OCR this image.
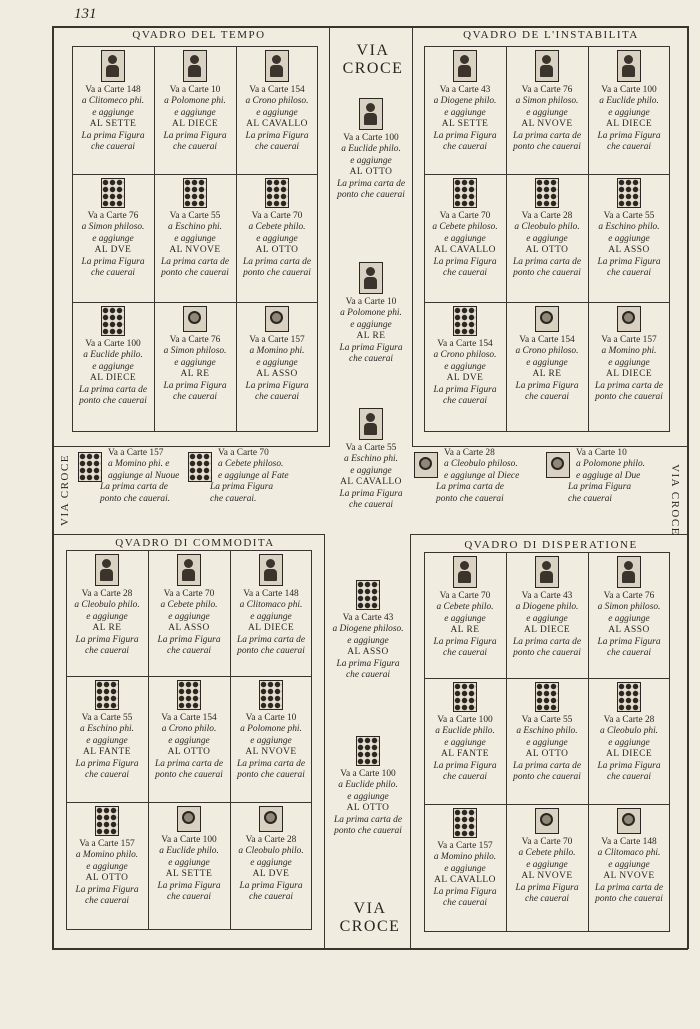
131
QVADRO DEL TEMPO	QVADRO DE L'INSTABILITA
QVADRO DI COMMODITA	QVADRO DI DISPERATIONE
VIA CROCE
VIA CROCE
VIA CROCE	VIA CROCE
Va a Carte 148
a Clitomeco phi.
e aggiunge
AL SETTE
La prima Figura
che cauerai
Va a Carte 10
a Polomone phi.
e aggiunge
AL DIECE
La prima Figura
che cauerai
Va a Carte 154
a Crono philoso.
e aggiunge
AL CAVALLO
La prima Figura
che cauerai
Va a Carte 76
a Simon philoso.
e aggiunge
AL DVE
La prima Figura
che cauerai
Va a Carte 55
a Eschino phi.
e aggiunge
AL NVOVE
La prima carta de
ponto che cauerai
Va a Carte 70
a Cebete philo.
e aggiunge
AL OTTO
La prima carta de
ponto che cauerai
Va a Carte 100
a Euclide philo.
e aggiunge
AL DIECE
La prima carta de
ponto che cauerai
Va a Carte 76
a Simon philoso.
e aggiunge
AL RE
La prima Figura
che cauerai
Va a Carte 157
a Momino phi.
e aggiunge
AL ASSO
La prima Figura
che cauerai
Va a Carte 43
a Diogene philo.
e aggiunge
AL SETTE
La prima Figura
che cauerai
Va a Carte 76
a Simon philoso.
e aggiunge
AL NVOVE
La prima carta de
ponto che cauerai
Va a Carte 100
a Euclide philo.
e aggiunge
AL DIECE
La prima Figura
che cauerai
Va a Carte 70
a Cebete philoso.
e aggiunge
AL CAVALLO
La prima Figura
che cauerai
Va a Carte 28
a Cleobulo philo.
e aggiunge
AL OTTO
La prima carta de
ponto che cauerai
Va a Carte 55
a Eschino philo.
e aggiunge
AL ASSO
La prima Figura
che cauerai
Va a Carte 154
a Crono philoso.
e aggiunge
AL DVE
La prima Figura
che cauerai
Va a Carte 154
a Crono philoso.
e aggiunge
AL RE
La prima Figura
che cauerai
Va a Carte 157
a Momino phi.
e aggiunge
AL DIECE
La prima carta de
ponto che cauerai
Va a Carte 28
a Cleobulo philo.
e aggiunge
AL RE
La prima Figura
che cauerai
Va a Carte 70
a Cebete philo.
e aggiunge
AL ASSO
La prima Figura
che cauerai
Va a Carte 148
a Clitomaco phi.
e aggiunge
AL DIECE
La prima carta de
ponto che cauerai
Va a Carte 55
a Eschino phi.
e aggiunge
AL FANTE
La prima Figura
che cauerai
Va a Carte 154
a Crono philo.
e aggiunge
AL OTTO
La prima carta de
ponto che cauerai
Va a Carte 10
a Polomone phi.
e aggiunge
AL NVOVE
La prima carta de
ponto che cauerai
Va a Carte 157
a Momino philo.
e aggiunge
AL OTTO
La prima Figura
che cauerai
Va a Carte 100
a Euclide philo.
e aggiunge
AL SETTE
La prima Figura
che cauerai
Va a Carte 28
a Cleobulo philo.
e aggiunge
AL DVE
La prima Figura
che cauerai
Va a Carte 70
a Cebete philo.
e aggiunge
AL RE
La prima Figura
che cauerai
Va a Carte 43
a Diogene philo.
e aggiunge
AL DIECE
La prima carta de
ponto che cauerai
Va a Carte 76
a Simon philoso.
e aggiunge
AL ASSO
La prima Figura
che cauerai
Va a Carte 100
a Euclide philo.
e aggiunge
AL FANTE
La prima Figura
che cauerai
Va a Carte 55
a Eschino philo.
e aggiunge
AL OTTO
La prima carta de
ponto che cauerai
Va a Carte 28
a Cleobulo phi.
e aggiunge
AL DIECE
La prima Figura
che cauerai
Va a Carte 157
a Momino philo.
e aggiunge
AL CAVALLO
La prima Figura
che cauerai
Va a Carte 70
a Cebete philo.
e aggiunge
AL NVOVE
La prima Figura
che cauerai
Va a Carte 148
a Clitomaco phi.
e aggiunge
AL NVOVE
La prima carta de
ponto che cauerai
Va a Carte 100
a Euclide philo.
e aggiunge
AL OTTO
La prima carta de
ponto che cauerai
Va a Carte 10
a Polomone phi.
e aggiunge
AL RE
La prima Figura
che cauerai
Va a Carte 55
a Eschino phi.
e aggiunge
AL CAVALLO
La prima Figura
che cauerai
Va a Carte 43
a Diogene philoso.
e aggiunge
AL ASSO
La prima Figura
che cauerai
Va a Carte 100
a Euclide philo.
e aggiunge
AL OTTO
La prima carta de
ponto che cauerai
Va a Carte 157
a Momino phi. e
aggiunge al Nuoue
La prima carta de
ponto che cauerai.
Va a Carte 70
a Cebete philoso.
e aggiunge al Fate
La prima Figura
che cauerai.
Va a Carte 28
a Cleobulo philoso.
e aggiunge al Diece
La prima carta de
ponto che cauerai
Va a Carte 10
a Polomone philo.
e aggiuge al Due
La prima Figura
che cauerai
